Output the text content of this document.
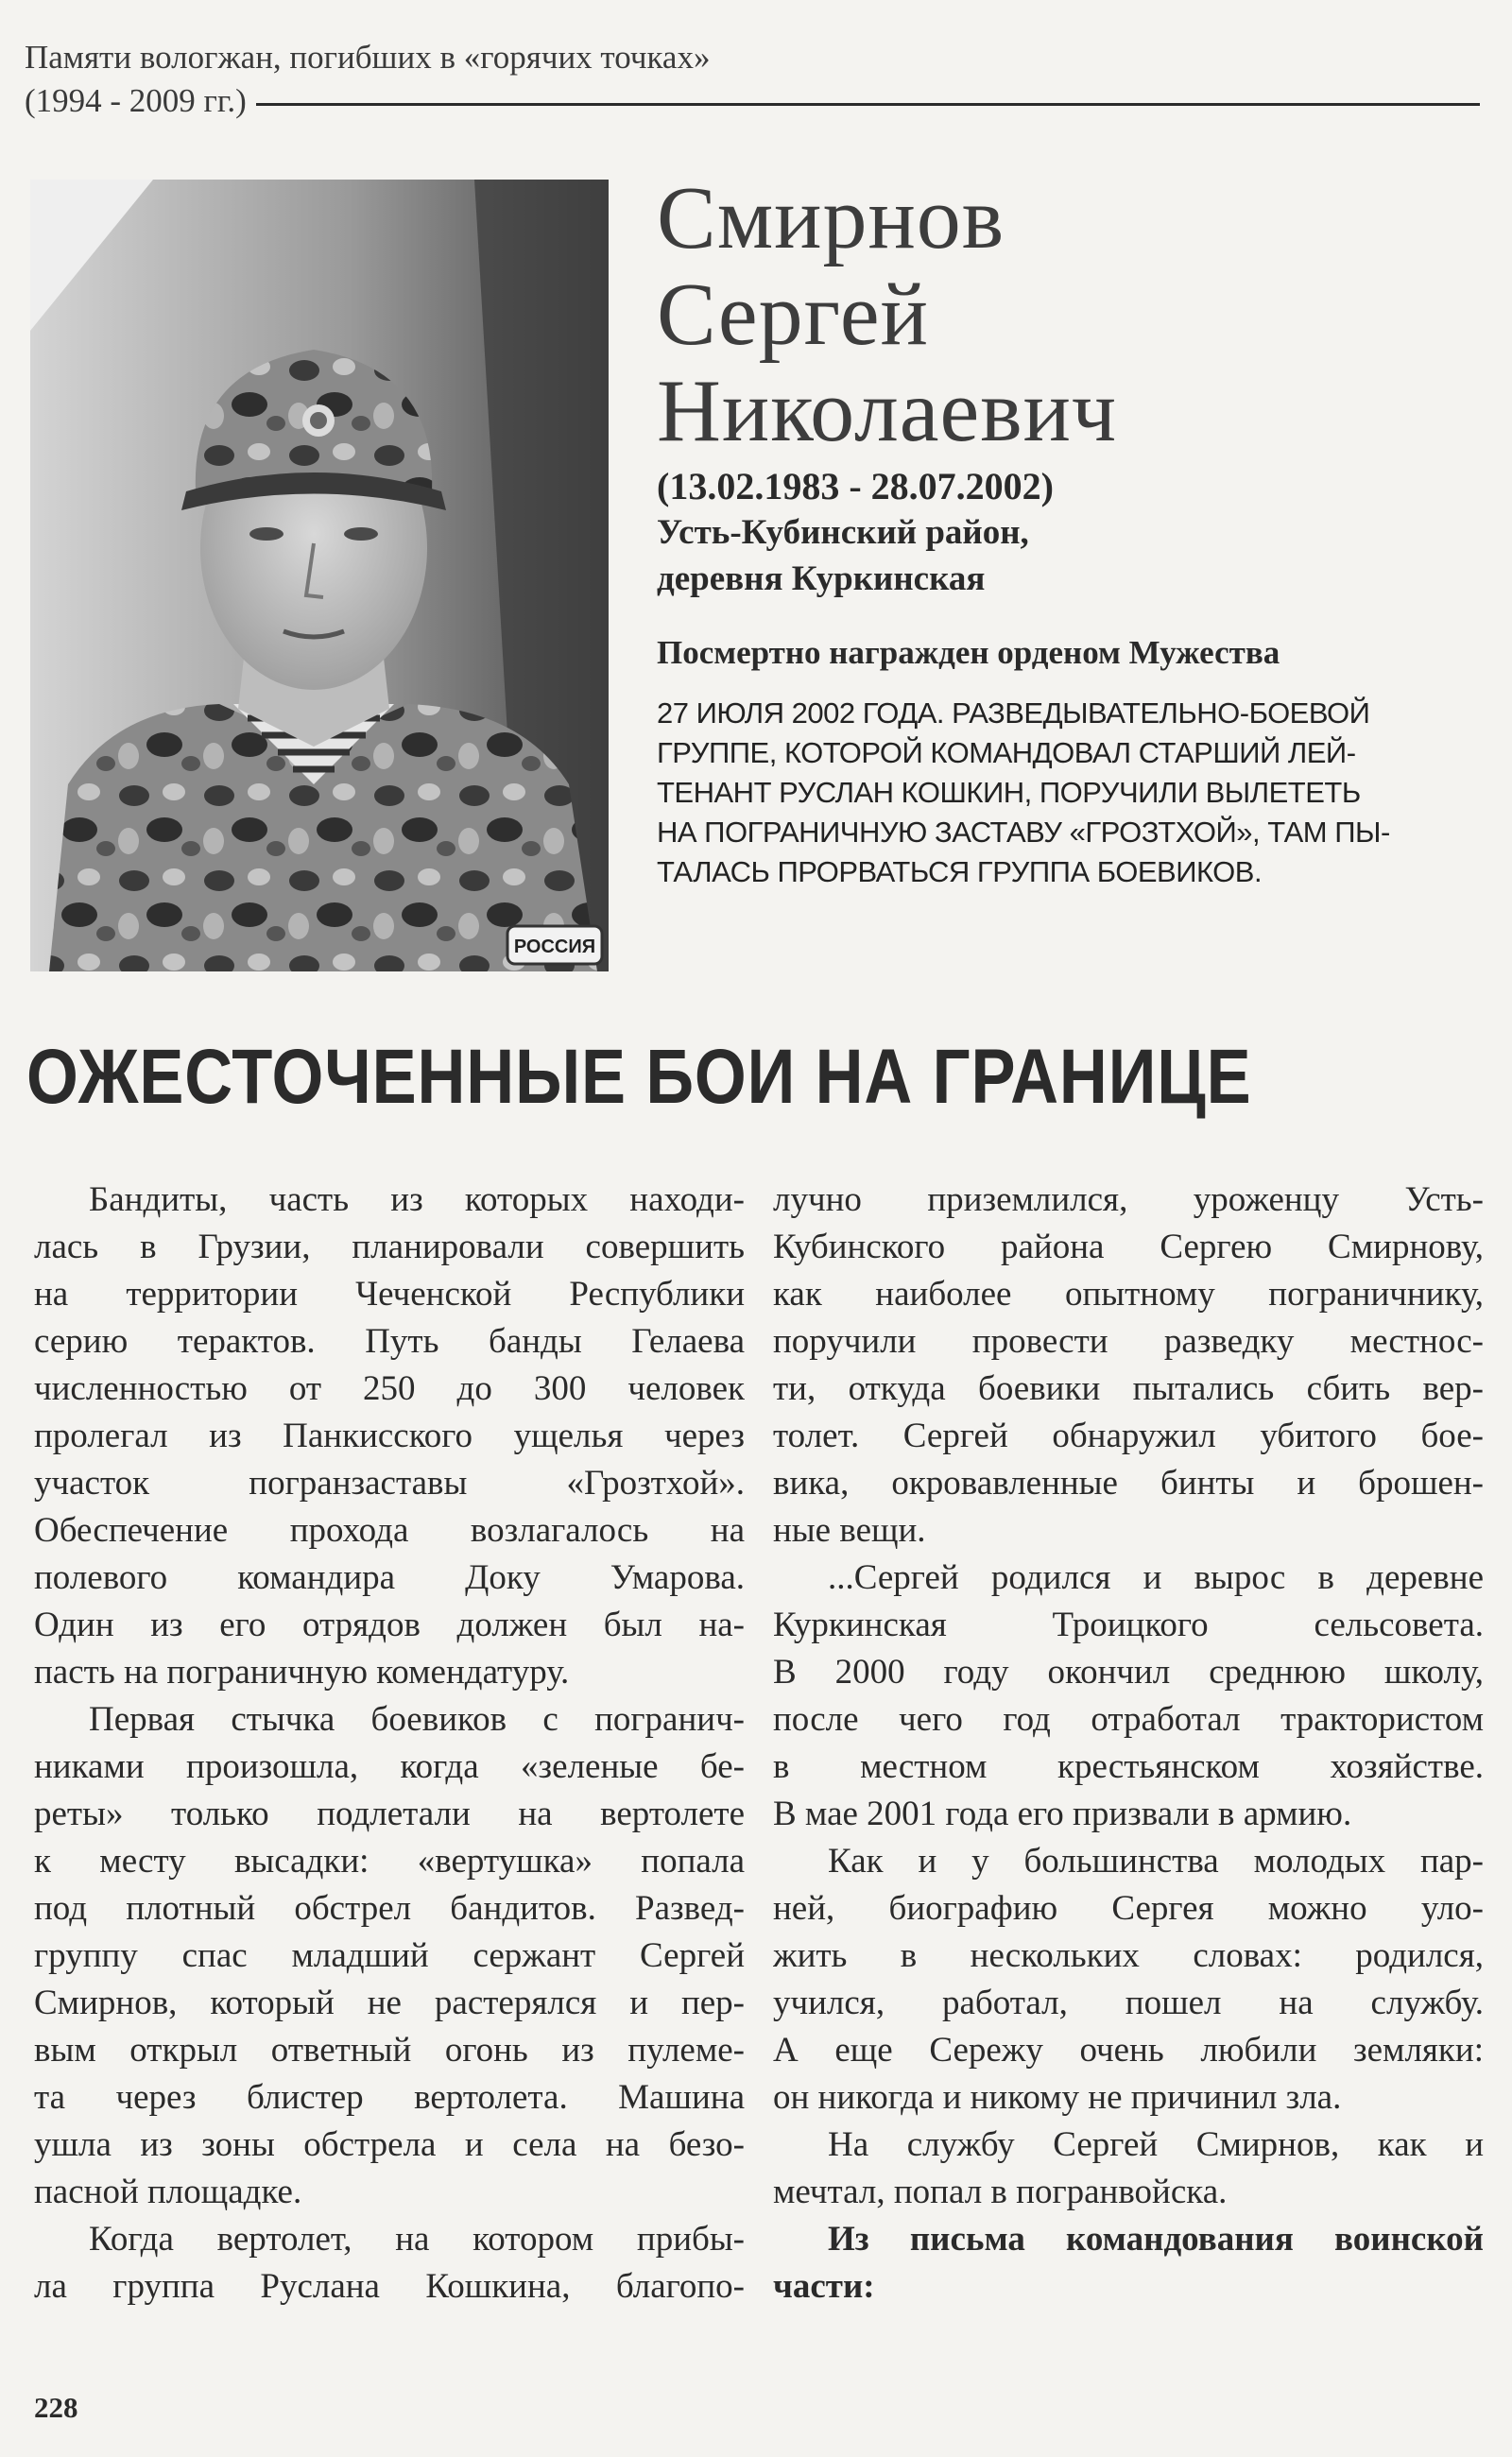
Памяти вологжан, погибших в «горячих точках»
(1994 - 2009 гг.)
РОССИЯ
Смирнов
Сергей
Николаевич
(13.02.1983 - 28.07.2002)
Усть-Кубинский район,
деревня Куркинская
Посмертно награжден орденом Мужества
27 ИЮЛЯ 2002 ГОДА. РАЗВЕДЫВАТЕЛЬНО-БОЕВОЙ
ГРУППЕ, КОТОРОЙ КОМАНДОВАЛ СТАРШИЙ ЛЕЙ-
ТЕНАНТ РУСЛАН КОШКИН, ПОРУЧИЛИ ВЫЛЕТЕТЬ
НА ПОГРАНИЧНУЮ ЗАСТАВУ «ГРОЗТХОЙ», ТАМ ПЫ-
ТАЛАСЬ ПРОРВАТЬСЯ ГРУППА БОЕВИКОВ.
ОЖЕСТОЧЕННЫЕ БОИ НА ГРАНИЦЕ
Бандиты, часть из которых находи-
лась в Грузии, планировали совершить
на территории Чеченской Республики
серию терактов. Путь банды Гелаева
численностью от 250 до 300 человек
пролегал из Панкисского ущелья через
участок погранзаставы «Грозтхой».
Обеспечение прохода возлагалось на
полевого командира Доку Умарова.
Один из его отрядов должен был на-
пасть на пограничную комендатуру.
Первая стычка боевиков с погранич-
никами произошла, когда «зеленые бе-
реты» только подлетали на вертолете
к месту высадки: «вертушка» попала
под плотный обстрел бандитов. Развед-
группу спас младший сержант Сергей
Смирнов, который не растерялся и пер-
вым открыл ответный огонь из пулеме-
та через блистер вертолета. Машина
ушла из зоны обстрела и села на безо-
пасной площадке.
Когда вертолет, на котором прибы-
ла группа Руслана Кошкина, благопо-
лучно приземлился, уроженцу Усть-
Кубинского района Сергею Смирнову,
как наиболее опытному пограничнику,
поручили провести разведку местнос-
ти, откуда боевики пытались сбить вер-
толет. Сергей обнаружил убитого бое-
вика, окровавленные бинты и брошен-
ные вещи.
...Сергей родился и вырос в деревне
Куркинская Троицкого сельсовета.
В 2000 году окончил среднюю школу,
после чего год отработал трактористом
в местном крестьянском хозяйстве.
В мае 2001 года его призвали в армию.
Как и у большинства молодых пар-
ней, биографию Сергея можно уло-
жить в нескольких словах: родился,
учился, работал, пошел на службу.
А еще Сережу очень любили земляки:
он никогда и никому не причинил зла.
На службу Сергей Смирнов, как и
мечтал, попал в погранвойска.
Из письма командования воинской
части:
228
